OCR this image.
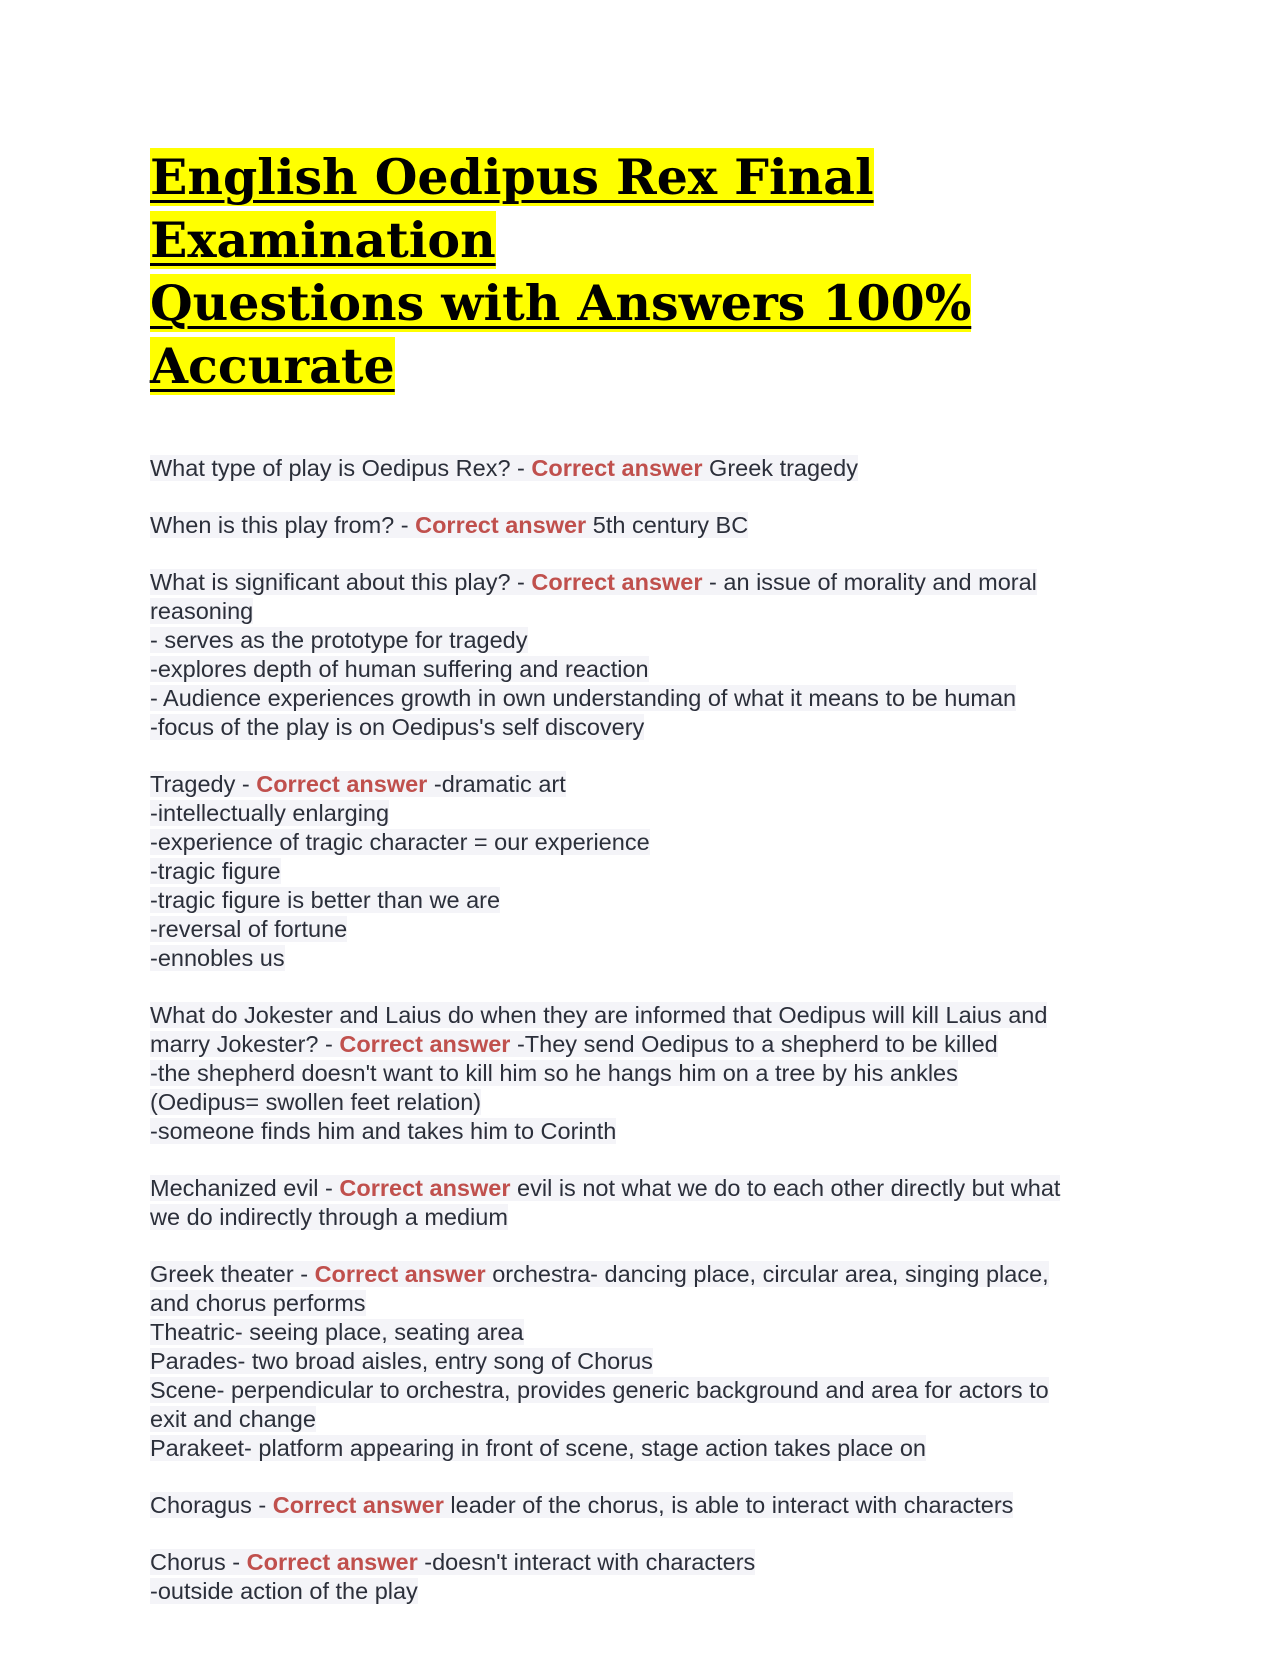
English Oedipus Rex Final Examination
Questions with Answers 100% Accurate
What type of play is Oedipus Rex? - Correct answer Greek tragedy
When is this play from? - Correct answer 5th century BC
What is significant about this play? - Correct answer - an issue of morality and moral
reasoning
- serves as the prototype for tragedy
-explores depth of human suffering and reaction
- Audience experiences growth in own understanding of what it means to be human
-focus of the play is on Oedipus's self discovery
Tragedy - Correct answer -dramatic art
-intellectually enlarging
-experience of tragic character = our experience
-tragic figure
-tragic figure is better than we are
-reversal of fortune
-ennobles us
What do Jokester and Laius do when they are informed that Oedipus will kill Laius and
marry Jokester? - Correct answer -They send Oedipus to a shepherd to be killed
-the shepherd doesn't want to kill him so he hangs him on a tree by his ankles
(Oedipus= swollen feet relation)
-someone finds him and takes him to Corinth
Mechanized evil - Correct answer evil is not what we do to each other directly but what
we do indirectly through a medium
Greek theater - Correct answer orchestra- dancing place, circular area, singing place,
and chorus performs
Theatric- seeing place, seating area
Parades- two broad aisles, entry song of Chorus
Scene- perpendicular to orchestra, provides generic background and area for actors to
exit and change
Parakeet- platform appearing in front of scene, stage action takes place on
Choragus - Correct answer leader of the chorus, is able to interact with characters
Chorus - Correct answer -doesn't interact with characters
-outside action of the play
